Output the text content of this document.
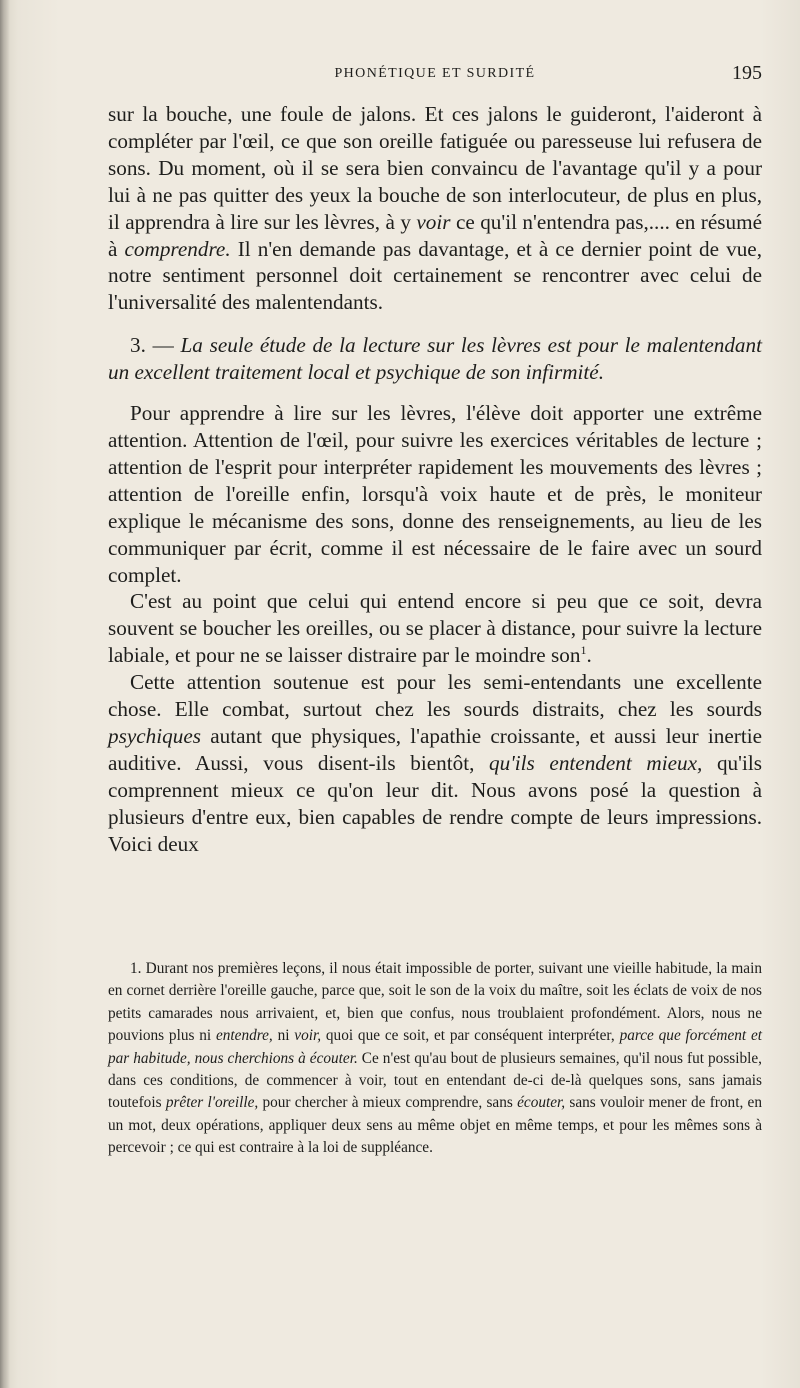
PHONÉTIQUE ET SURDITÉ	195

sur la bouche, une foule de jalons. Et ces jalons le guideront, l'aideront à compléter par l'œil, ce que son oreille fatiguée ou paresseuse lui refusera de sons. Du moment, où il se sera bien convaincu de l'avantage qu'il y a pour lui à ne pas quitter des yeux la bouche de son interlocuteur, de plus en plus, il apprendra à lire sur les lèvres, à y voir ce qu'il n'entendra pas,.... en résumé à comprendre. Il n'en demande pas davantage, et à ce dernier point de vue, notre sentiment personnel doit certainement se rencontrer avec celui de l'universalité des malentendants.

3. — La seule étude de la lecture sur les lèvres est pour le malentendant un excellent traitement local et psychique de son infirmité.

Pour apprendre à lire sur les lèvres, l'élève doit apporter une extrême attention. Attention de l'œil, pour suivre les exercices véritables de lecture ; attention de l'esprit pour interpréter rapidement les mouvements des lèvres ; attention de l'oreille enfin, lorsqu'à voix haute et de près, le moniteur explique le mécanisme des sons, donne des renseignements, au lieu de les communiquer par écrit, comme il est nécessaire de le faire avec un sourd complet.

C'est au point que celui qui entend encore si peu que ce soit, devra souvent se boucher les oreilles, ou se placer à distance, pour suivre la lecture labiale, et pour ne se laisser distraire par le moindre son$^1$.

Cette attention soutenue est pour les semi-entendants une excellente chose. Elle combat, surtout chez les sourds distraits, chez les sourds psychiques autant que physiques, l'apathie croissante, et aussi leur inertie auditive. Aussi, vous disent-ils bientôt, qu'ils entendent mieux, qu'ils comprennent mieux ce qu'on leur dit. Nous avons posé la question à plusieurs d'entre eux, bien capables de rendre compte de leurs impressions. Voici deux

1. Durant nos premières leçons, il nous était impossible de porter, suivant une vieille habitude, la main en cornet derrière l'oreille gauche, parce que, soit le son de la voix du maître, soit les éclats de voix de nos petits camarades nous arrivaient, et, bien que confus, nous troublaient profondément. Alors, nous ne pouvions plus ni entendre, ni voir, quoi que ce soit, et par conséquent interpréter, parce que forcément et par habitude, nous cherchions à écouter. Ce n'est qu'au bout de plusieurs semaines, qu'il nous fut possible, dans ces conditions, de commencer à voir, tout en entendant de-ci de-là quelques sons, sans jamais toutefois prêter l'oreille, pour chercher à mieux comprendre, sans écouter, sans vouloir mener de front, en un mot, deux opérations, appliquer deux sens au même objet en même temps, et pour les mêmes sons à percevoir ; ce qui est contraire à la loi de suppléance.
